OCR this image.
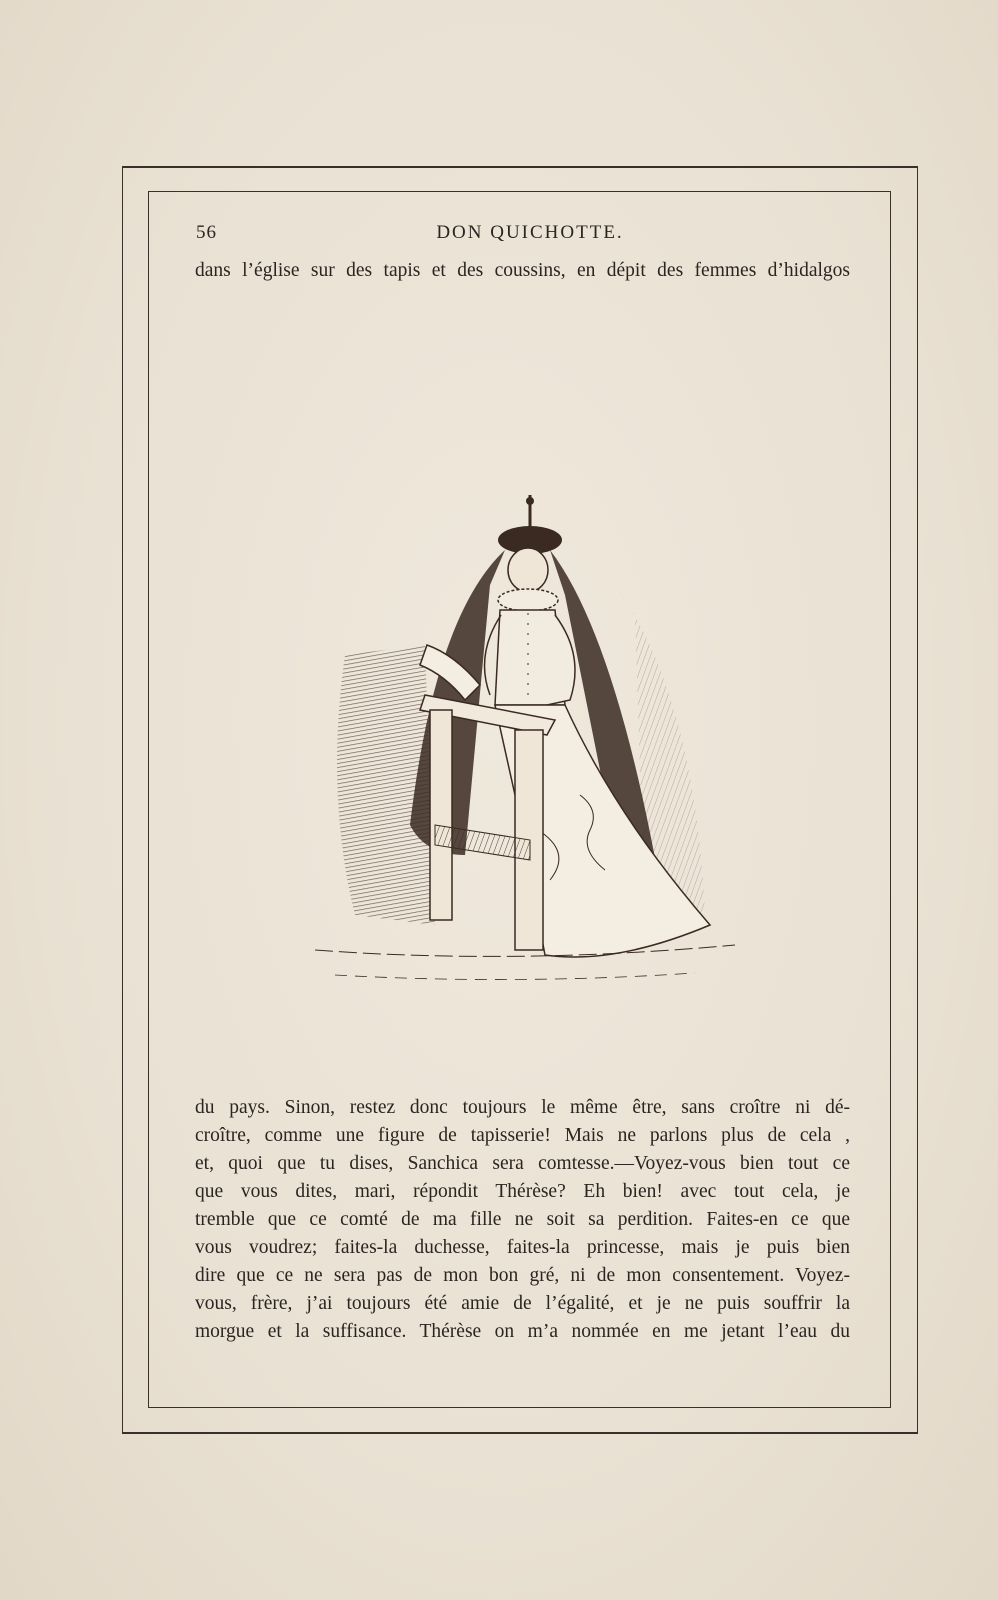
56	DON QUICHOTTE.
dans l’église sur des tapis et des coussins, en dépit des femmes d’hidalgos
du pays. Sinon, restez donc toujours le même être, sans croître ni dé-
croître, comme une figure de tapisserie! Mais ne parlons plus de cela ,
et, quoi que tu dises, Sanchica sera comtesse.—Voyez-vous bien tout ce
que vous dites, mari, répondit Thérèse? Eh bien! avec tout cela, je
tremble que ce comté de ma fille ne soit sa perdition. Faites-en ce que
vous voudrez; faites-la duchesse, faites-la princesse, mais je puis bien
dire que ce ne sera pas de mon bon gré, ni de mon consentement. Voyez-
vous, frère, j’ai toujours été amie de l’égalité, et je ne puis souffrir la
morgue et la suffisance. Thérèse on m’a nommée en me jetant l’eau du
